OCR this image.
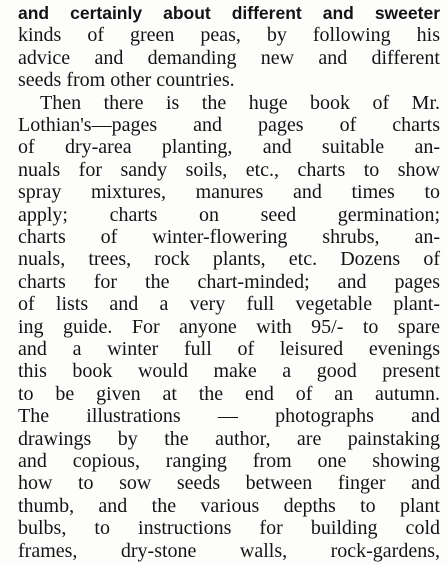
and certainly about different and sweeter
kinds of green peas, by following his
advice and demanding new and different
seeds from other countries.
Then there is the huge book of Mr.
Lothian's—pages and pages of charts
of dry-area planting, and suitable an-
nuals for sandy soils, etc., charts to show
spray mixtures, manures and times to
apply; charts on seed germination;
charts of winter-flowering shrubs, an-
nuals, trees, rock plants, etc. Dozens of
charts for the chart-minded; and pages
of lists and a very full vegetable plant-
ing guide. For anyone with 95/- to spare
and a winter full of leisured evenings
this book would make a good present
to be given at the end of an autumn.
The illustrations — photographs and
drawings by the author, are painstaking
and copious, ranging from one showing
how to sow seeds between finger and
thumb, and the various depths to plant
bulbs, to instructions for building cold
frames, dry-stone walls, rock-gardens,
